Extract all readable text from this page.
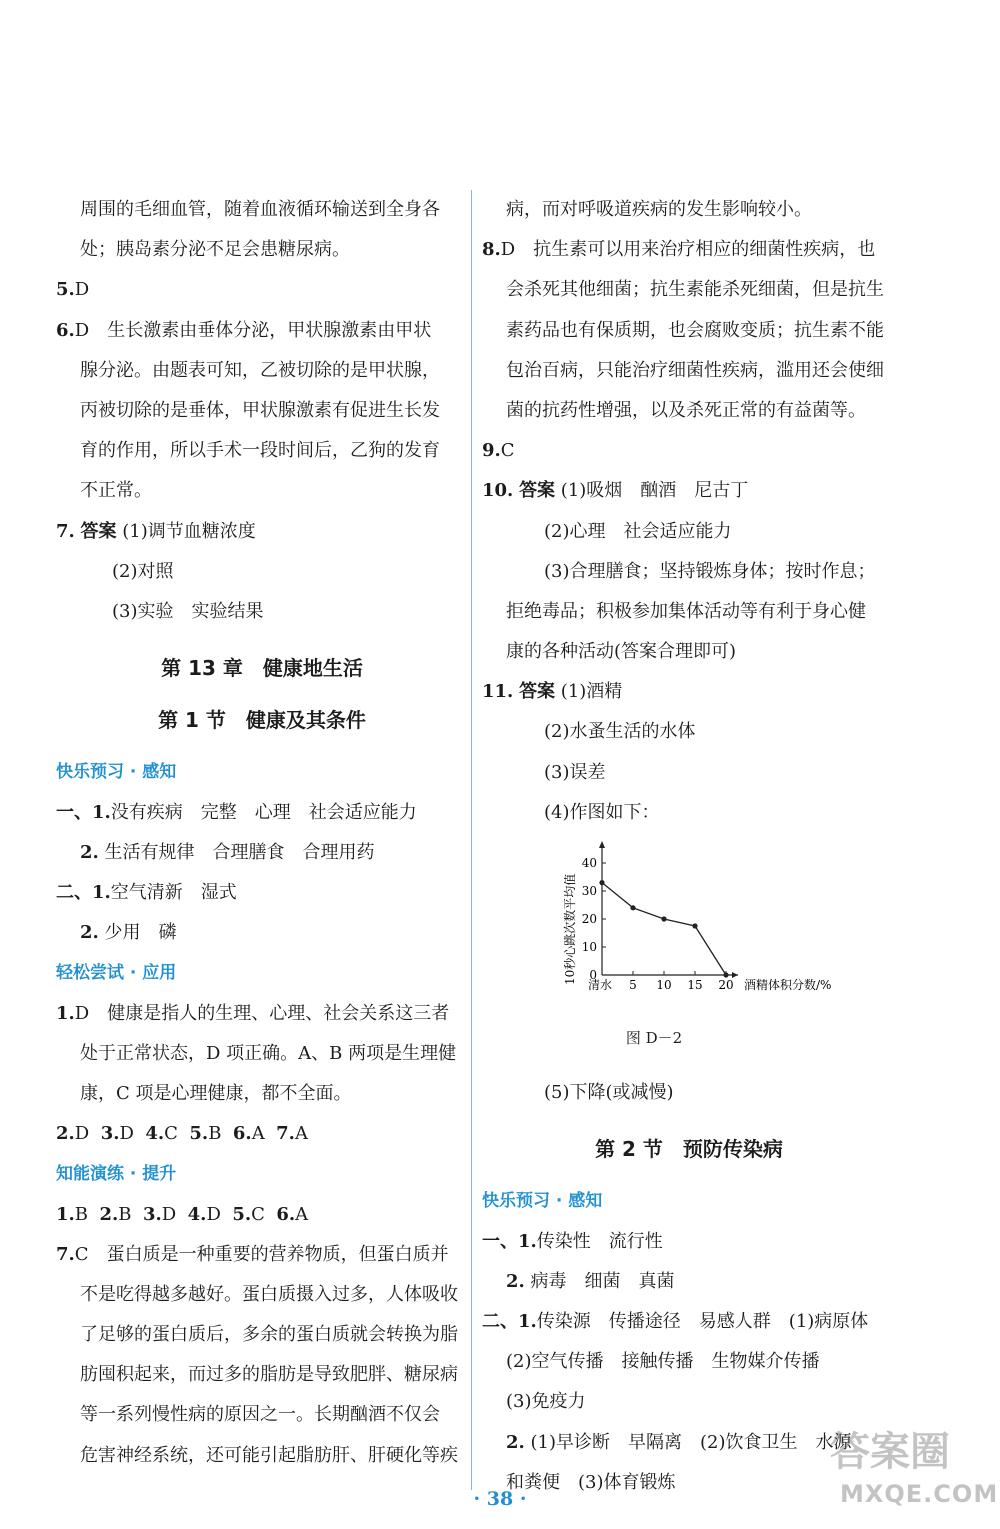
周围的毛细血管，随着血液循环输送到全身各
处；胰岛素分泌不足会患糖尿病。
5.D
6.D　生长激素由垂体分泌，甲状腺激素由甲状
腺分泌。由题表可知，乙被切除的是甲状腺，
丙被切除的是垂体，甲状腺激素有促进生长发
育的作用，所以手术一段时间后，乙狗的发育
不正常。
7. 答案 (1)调节血糖浓度
(2)对照
(3)实验　实验结果
第 13 章　健康地生活
第 1 节　健康及其条件
快乐预习 · 感知
一、1.没有疾病　完整　心理　社会适应能力
2. 生活有规律　合理膳食　合理用药
二、1.空气清新　湿式
2. 少用　磷
轻松尝试 · 应用
1.D　健康是指人的生理、心理、社会关系这三者
处于正常状态，D 项正确。A、B 两项是生理健
康，C 项是心理健康，都不全面。
2.D 3.D 4.C 5.B 6.A 7.A
知能演练 · 提升
1.B 2.B 3.D 4.D 5.C 6.A
7.C　蛋白质是一种重要的营养物质，但蛋白质并
不是吃得越多越好。蛋白质摄入过多，人体吸收
了足够的蛋白质后，多余的蛋白质就会转换为脂
肪囤积起来，而过多的脂肪是导致肥胖、糖尿病
等一系列慢性病的原因之一。长期酗酒不仅会
危害神经系统，还可能引起脂肪肝、肝硬化等疾
病，而对呼吸道疾病的发生影响较小。
8.D　抗生素可以用来治疗相应的细菌性疾病，也
会杀死其他细菌；抗生素能杀死细菌，但是抗生
素药品也有保质期，也会腐败变质；抗生素不能
包治百病，只能治疗细菌性疾病，滥用还会使细
菌的抗药性增强，以及杀死正常的有益菌等。
9.C
10. 答案 (1)吸烟　酗酒　尼古丁
(2)心理　社会适应能力
(3)合理膳食；坚持锻炼身体；按时作息；
拒绝毒品；积极参加集体活动等有利于身心健
康的各种活动(答案合理即可)
11. 答案 (1)酒精
(2)水蚤生活的水体
(3)误差
(4)作图如下：
0
10
20
30
40
清水 5 10 15 20 酒精体积分数/%
10秒心跳次数平均值
图 D－2
(5)下降(或减慢)
第 2 节　预防传染病
快乐预习 · 感知
一、1.传染性　流行性
2. 病毒　细菌　真菌
二、1.传染源　传播途径　易感人群　(1)病原体
(2)空气传播　接触传播　生物媒介传播
(3)免疫力
2. (1)早诊断　早隔离　(2)饮食卫生　水源
和粪便　(3)体育锻炼
· 38 ·
答案圈
MXQE.COM
